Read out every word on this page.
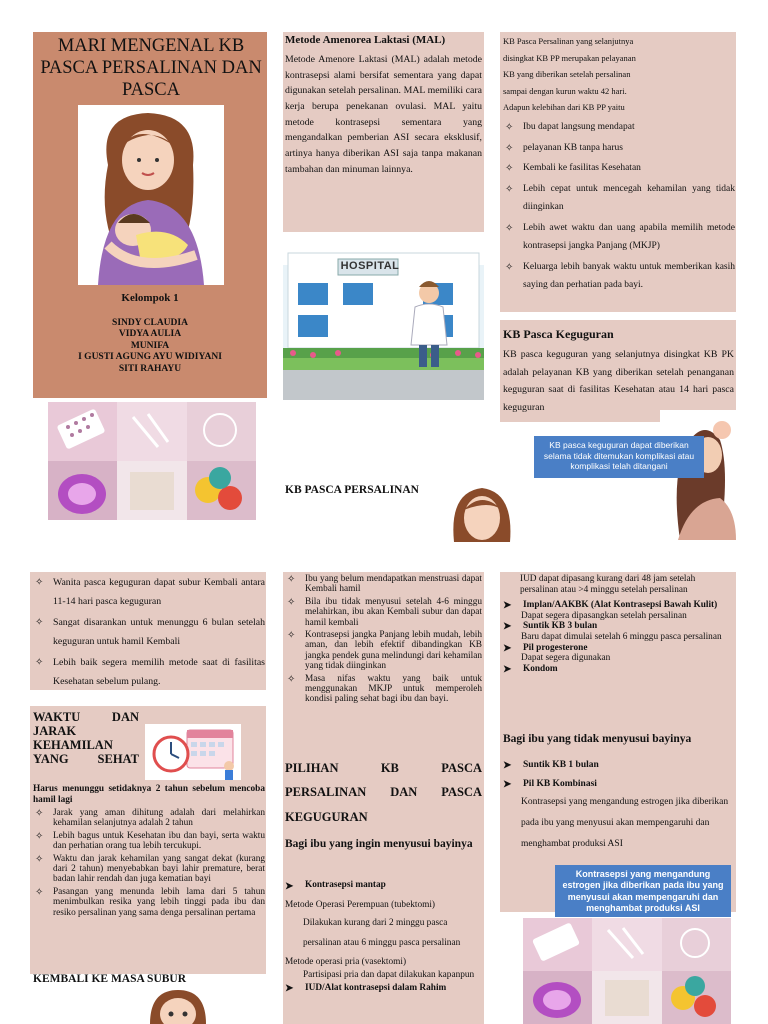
MARI MENGENAL KB PASCA PERSALINAN DAN PASCA
Kelompok 1
SINDY CLAUDIA
VIDYA AULIA
MUNIFA
I GUSTI AGUNG AYU WIDIYANI
SITI RAHAYU
Metode Amenorea Laktasi (MAL)
Metode Amenore Laktasi (MAL) adalah metode kontrasepsi alami bersifat sementara yang dapat digunakan setelah persalinan. MAL memiliki cara kerja berupa penekanan ovulasi. MAL yaitu metode kontrasepsi sementara yang mengandalkan pemberian ASI secara eksklusif, artinya hanya diberikan ASI saja tanpa makanan tambahan dan minuman lainnya.
HOSPITAL
KB PASCA PERSALINAN
KB Pasca Persalinan yang selanjutnya
disingkat KB PP merupakan pelayanan
KB yang diberikan setelah persalinan
sampai dengan kurun waktu 42 hari.
Adapun kelebihan dari KB PP yaitu
✧ Ibu dapat langsung mendapat
✧ pelayanan KB tanpa harus
✧ Kembali ke fasilitas Kesehatan
✧ Lebih cepat untuk mencegah kehamilan yang tidak diinginkan
✧ Lebih awet waktu dan uang apabila memilih metode kontrasepsi jangka Panjang (MKJP)
✧ Keluarga lebih banyak waktu untuk memberikan kasih saying dan perhatian pada bayi.
KB Pasca Keguguran
KB pasca keguguran yang selanjutnya disingkat KB PK adalah pelayanan KB yang diberikan setelah penanganan keguguran saat di fasilitas Kesehatan atau 14 hari pasca keguguran
KB pasca keguguran dapat diberikan selama tidak ditemukan komplikasi atau komplikasi telah ditangani
✧ Wanita pasca keguguran dapat subur Kembali antara 11-14 hari pasca keguguran
✧ Sangat disarankan untuk menunggu 6 bulan setelah keguguran untuk hamil Kembali
✧ Lebih baik segera memilih metode saat di fasilitas Kesehatan sebelum pulang.
WAKTU DAN JARAK KEHAMILAN YANG SEHAT
Harus menunggu setidaknya 2 tahun sebelum mencoba hamil lagi
✧ Jarak yang aman dihitung adalah dari melahirkan kehamilan selanjutnya adalah 2 tahun
✧ Lebih bagus untuk Kesehatan ibu dan bayi, serta waktu dan perhatian orang tua lebih tercukupi.
✧ Waktu dan jarak kehamilan yang sangat dekat (kurang dari 2 tahun) menyebabkan bayi lahir premature, berat badan lahir rendah dan juga kematian bayi
✧ Pasangan yang menunda lebih lama dari 5 tahun menimbulkan resika yang lebih tinggi pada ibu dan resiko persalinan yang sama denga persalinan pertama
KEMBALI KE MASA SUBUR
✧ Ibu yang belum mendapatkan menstruasi dapat Kembali hamil
✧ Bila ibu tidak menyusui setelah 4-6 minggu melahirkan, ibu akan Kembali subur dan dapat hamil kembali
✧ Kontrasepsi jangka Panjang lebih mudah, lebih aman, dan lebih efektif dibandingkan KB jangka pendek guna melindungi dari kehamilan yang tidak diinginkan
✧ Masa nifas waktu yang baik untuk menggunakan MKJP untuk memperoleh kondisi paling sehat bagi ibu dan bayi.
PILIHAN KB PASCA PERSALINAN DAN PASCA KEGUGURAN
Bagi ibu yang ingin menyusui bayinya
➤ Kontrasepsi mantap
Metode Operasi Perempuan (tubektomi)
Dilakukan kurang dari 2 minggu pasca persalinan atau 6 minggu pasca persalinan
Metode operasi pria (vasektomi)
Partisipasi pria dan dapat dilakukan kapanpun
➤ IUD/Alat kontrasepsi dalam Rahim
IUD dapat dipasang kurang dari 48 jam setelah persalinan atau >4 minggu setelah persalinan
➤ Implan/AAKBK (Alat Kontrasepsi Bawah Kulit)
Dapat segera dipasangkan setelah persalinan
➤ Suntik KB 3 bulan
Baru dapat dimulai setelah 6 minggu pasca persalinan
➤ Pil progesterone
Dapat segera digunakan
➤ Kondom
Bagi ibu yang tidak menyusui bayinya
➤ Suntik KB 1 bulan
➤ Pil KB Kombinasi
Kontrasepsi yang mengandung estrogen jika diberikan pada ibu yang menyusui akan mempengaruhi dan menghambat produksi ASI
Kontrasepsi yang mengandung estrogen jika diberikan pada ibu yang menyusui akan mempengaruhi dan menghambat produksi ASI
